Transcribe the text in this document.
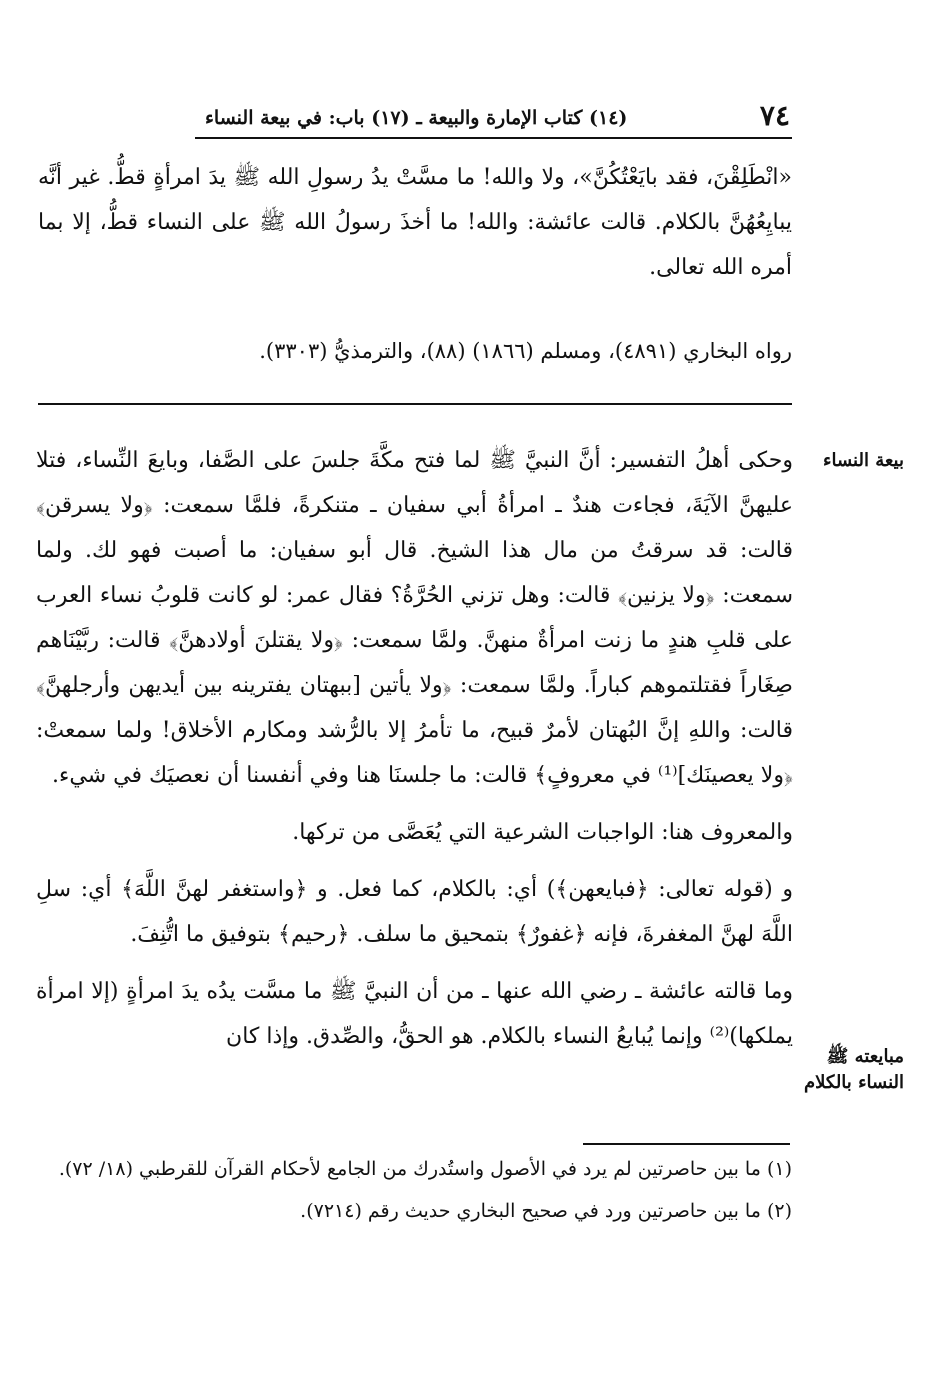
٧٤
(١٤) كتاب الإمارة والبيعة ـ (١٧) باب: في بيعة النساء

«انْطَلِقْنَ، فقد بايَعْتُكُنَّ»، ولا والله! ما مسَّتْ يدُ رسولِ الله ﷺ يدَ امرأةٍ قطُّ. غير أنَّه يبايِعُهُنَّ بالكلام. قالت عائشة: والله! ما أخذَ رسولُ الله ﷺ على النساء قطُّ، إلا بما أمره الله تعالى.

رواه البخاري (٤٨٩١)، ومسلم (١٨٦٦) (٨٨)، والترمذيُّ (٣٣٠٣).
بيعة النساء
مبايعته ﷺ النساء بالكلام

وحكى أهلُ التفسير: أنَّ النبيَّ ﷺ لما فتح مكَّةَ جلسَ على الصَّفا، وبايعَ النِّساء، فتلا عليهنَّ الآيَةَ، فجاءت هندٌ ـ امرأةُ أبي سفيان ـ متنكرةً، فلمَّا سمعت: ﴿ولا يسرقن﴾ قالت: قد سرقتُ من مال هذا الشيخ. قال أبو سفيان: ما أصبت فهو لك. ولما سمعت: ﴿ولا يزنين﴾ قالت: وهل تزني الحُرَّةُ؟ فقال عمر: لو كانت قلوبُ نساء العرب على قلبِ هندٍ ما زنت امرأةٌ منهنَّ. ولمَّا سمعت: ﴿ولا يقتلنَ أولادهنَّ﴾ قالت: ربَّيْنَاهم صِغَاراً فقتلتموهم كباراً. ولمَّا سمعت: ﴿ولا يأتين [ببهتان يفترينه بين أيديهن وأرجلهنَّ﴾ قالت: واللهِ إنَّ البُهتان لأمرٌ قبيح، ما تأمرُ إلا بالرُّشد ومكارم الأخلاق! ولما سمعتْ: ﴿ولا يعصينَك]⁽¹⁾ في معروفٍ﴾ قالت: ما جلسنَا هنا وفي أنفسنا أن نعصيَك في شيء.

والمعروف هنا: الواجبات الشرعية التي يُعَصَّى من تركها.

و (قوله تعالى: ﴿فبايعهن﴾) أي: بالكلام، كما فعل. و ﴿واستغفر لهنَّ اللَّهَ﴾ أي: سلِ اللَّهَ لهنَّ المغفرةَ، فإنه ﴿غفورٌ﴾ بتمحيق ما سلف. ﴿رحيم﴾ بتوفيق ما اتُّنِفَ.

وما قالته عائشة ـ رضي الله عنها ـ من أن النبيَّ ﷺ ما مسَّت يدُه يدَ امرأةٍ (إلا امرأة يملكها)⁽²⁾ وإنما يُبايعُ النساء بالكلام. هو الحقُّ، والصِّدق. وإذا كان

(١) ما بين حاصرتين لم يرد في الأصول واستُدرك من الجامع لأحكام القرآن للقرطبي (١٨/ ٧٢).

(٢) ما بين حاصرتين ورد في صحيح البخاري حديث رقم (٧٢١٤).
